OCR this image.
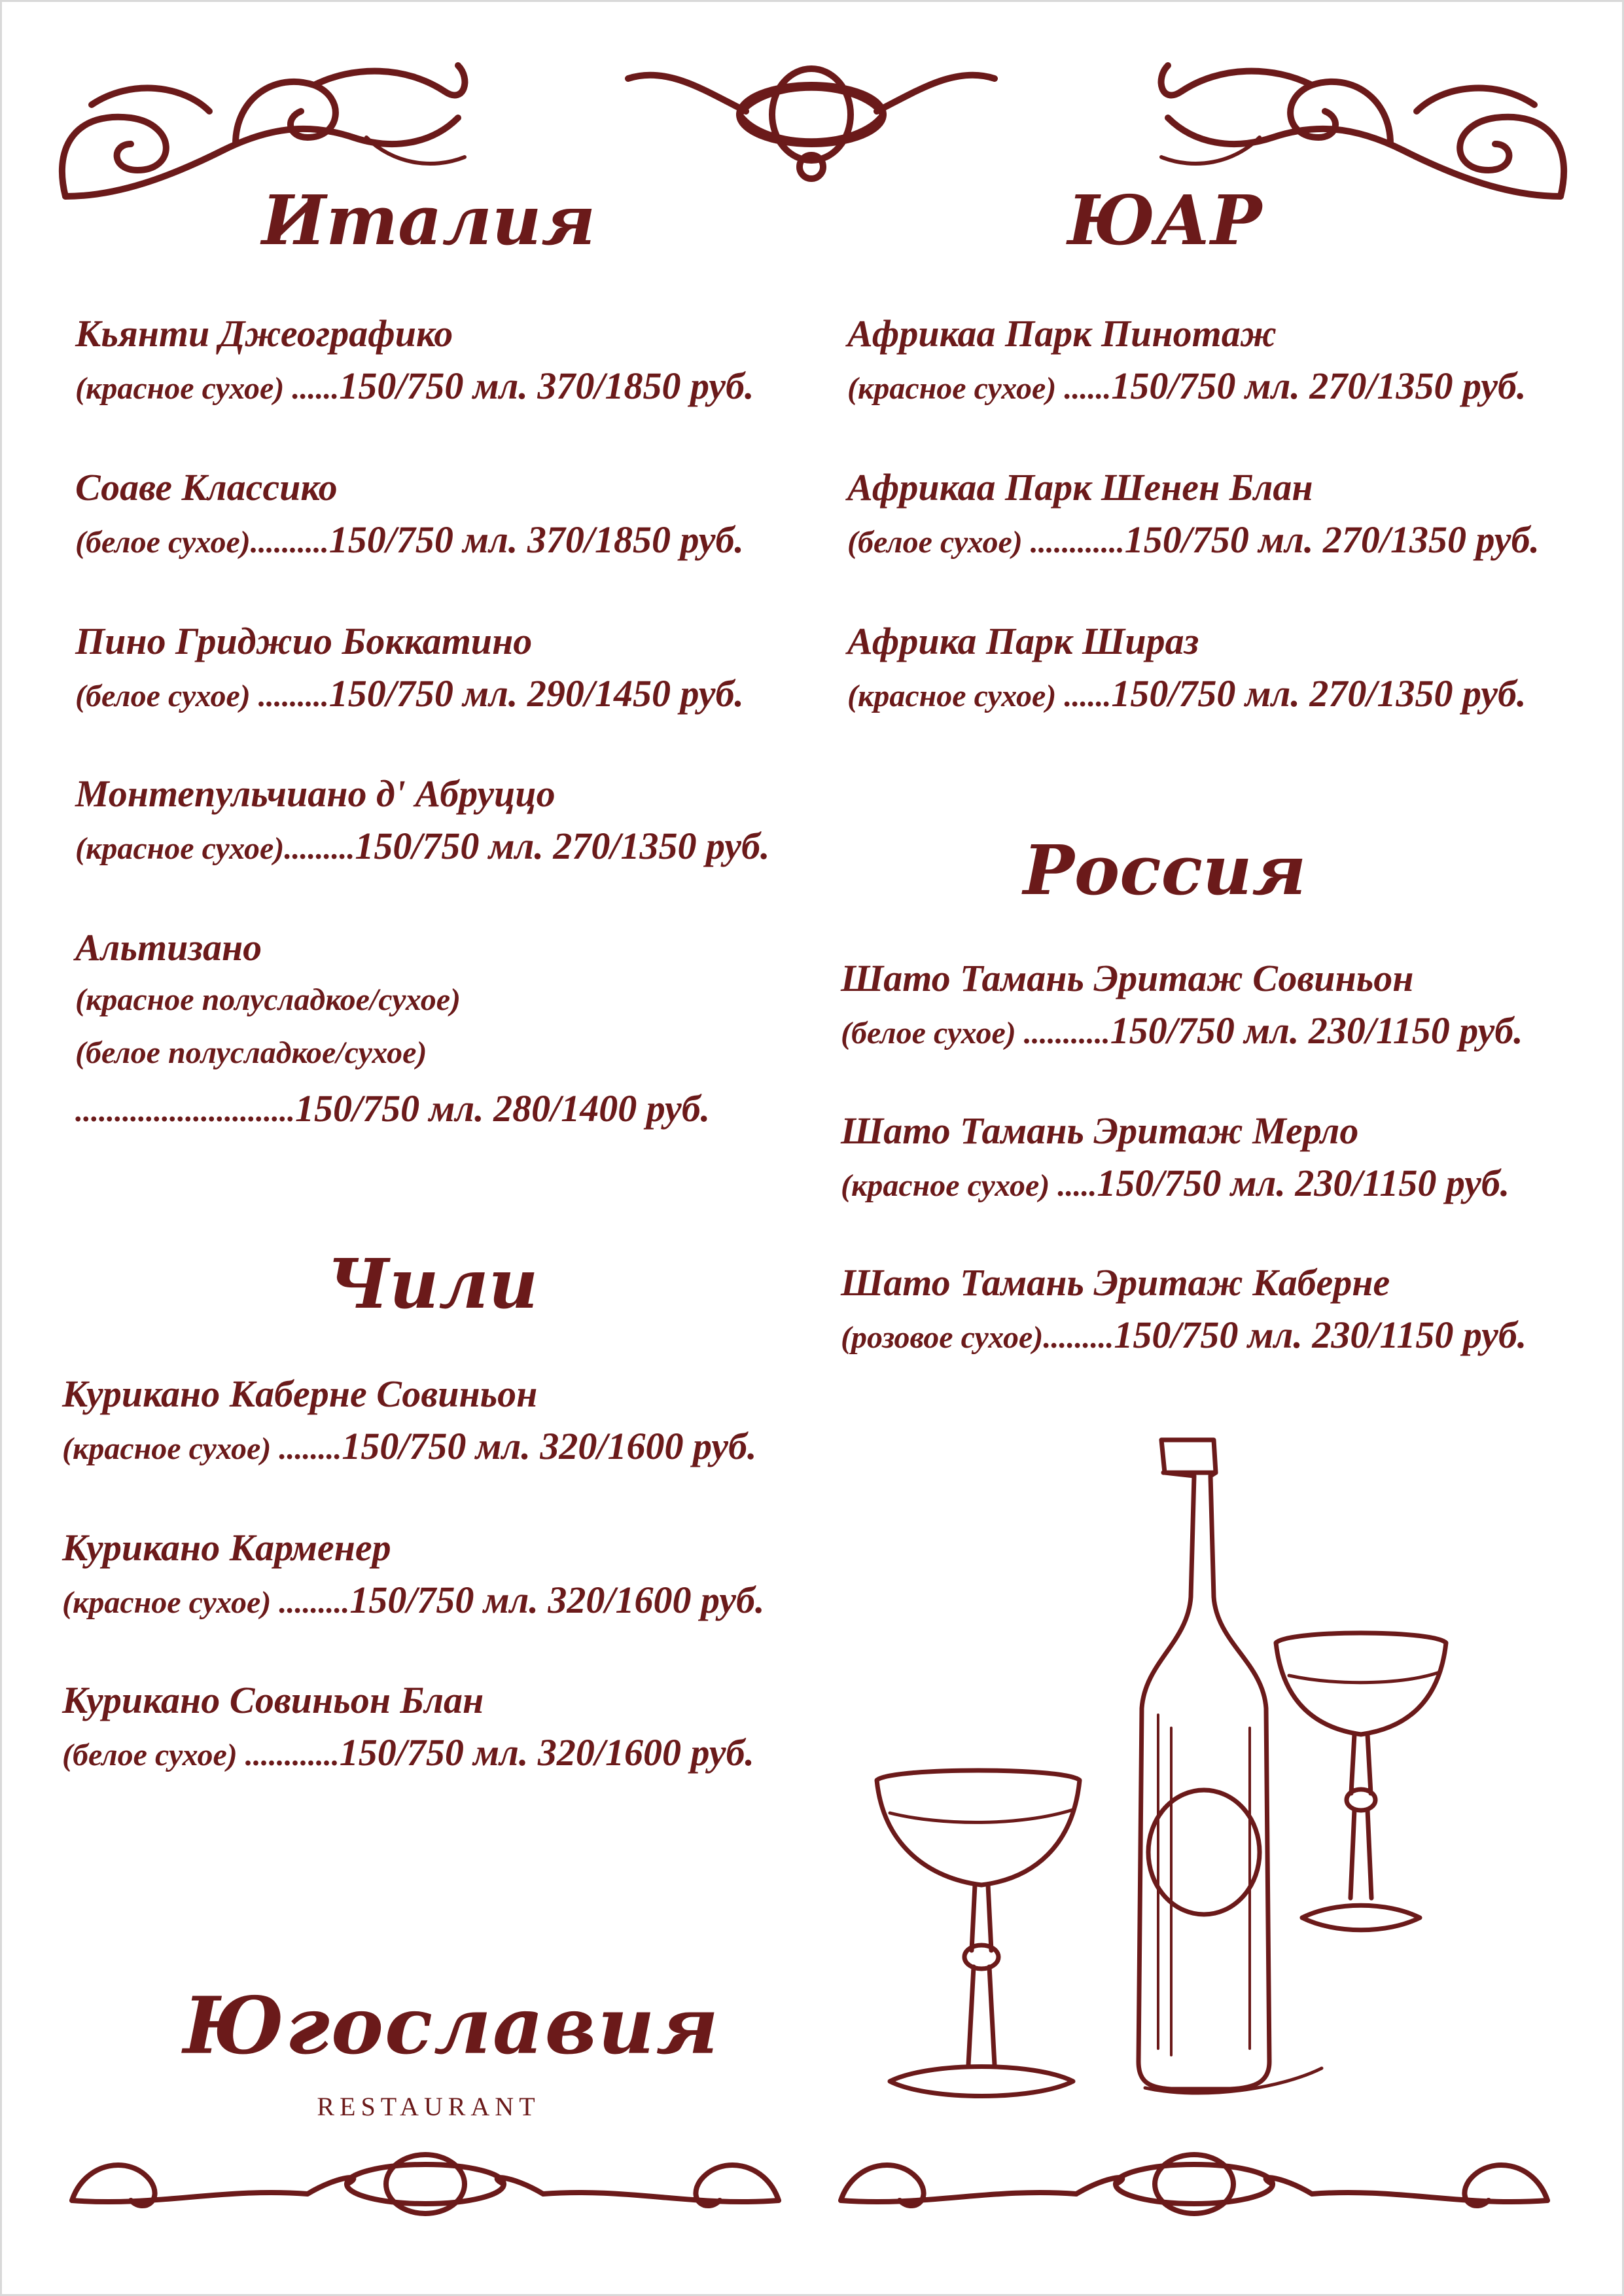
Италия
Кьянти Джеографико
(красное сухое) ......150/750 мл. 370/1850 руб.
Соаве Классико
(белое сухое)..........150/750 мл. 370/1850 руб.
Пино Гриджио Боккатино
(белое сухое) .........150/750 мл. 290/1450 руб.
Монтепульчиано д' Абруццо
(красное сухое).........150/750 мл. 270/1350 руб.
Альтизано
(красное полусладкое/сухое)
(белое полусладкое/сухое)
............................150/750 мл. 280/1400 руб.
Чили
Курикано Каберне Совиньон
(красное сухое) ........150/750 мл. 320/1600 руб.
Курикано Карменер
(красное сухое) .........150/750 мл. 320/1600 руб.
Курикано Совиньон Блан
(белое сухое) ............150/750 мл. 320/1600 руб.
ЮАР
Африкаа Парк Пинотаж
(красное сухое) ......150/750 мл. 270/1350 руб.
Африкаа Парк Шенен Блан
(белое сухое) ............150/750 мл. 270/1350 руб.
Африка Парк Шираз
(красное сухое) ......150/750 мл. 270/1350 руб.
Россия
Шато Тамань Эритаж Совиньон
(белое сухое) ...........150/750 мл. 230/1150 руб.
Шато Тамань Эритаж Мерло
(красное сухое) .....150/750 мл. 230/1150 руб.
Шато Тамань Эритаж Каберне
(розовое сухое).........150/750 мл. 230/1150 руб.
Югославия
RESTAURANT
